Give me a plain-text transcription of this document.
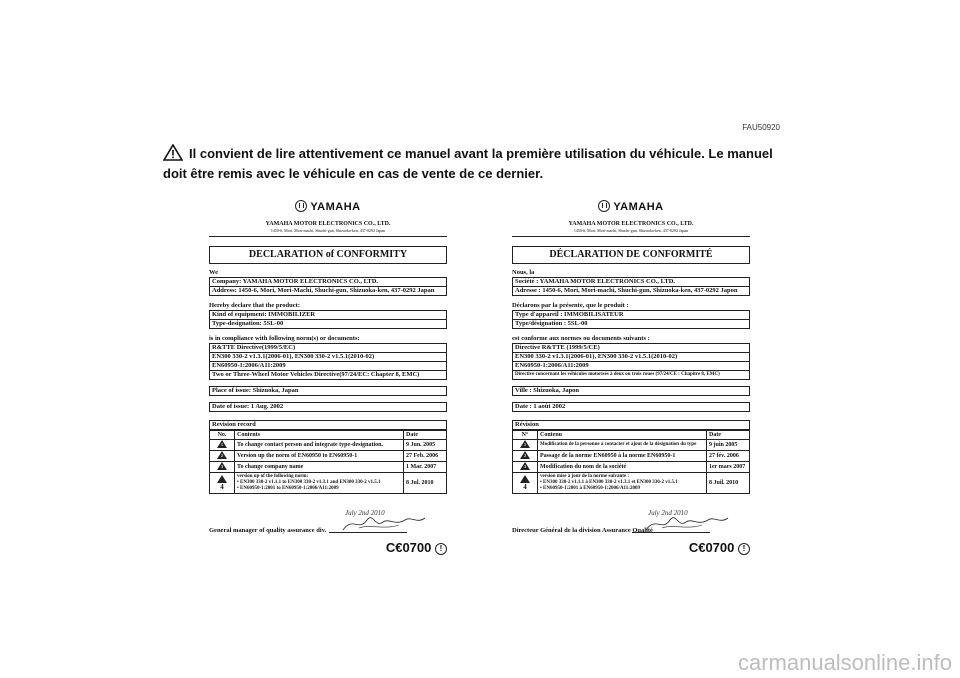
FAU50920
Il convient de lire attentivement ce manuel avant la première utilisation du véhicule. Le manuel doit être remis avec le véhicule en cas de vente de ce dernier.
YAMAHA
YAMAHA MOTOR ELECTRONICS CO., LTD.
1450-6, Mori, Mori-machi, Shuchi-gun, Shizuoka-ken, 437-0292 Japan
DECLARATION of CONFORMITY
We
Company: YAMAHA MOTOR ELECTRONICS CO., LTD.
Address: 1450-6, Mori, Mori-Machi, Shuchi-gun, Shizuoka-ken, 437-0292 Japan
Hereby declare that the product:
Kind of equipment: IMMOBILIZER
Type-designation: 5SL-00
is in compliance with following norm(s) or documents:
R&TTE Directive(1999/5/EC)
EN300 330-2 v1.3.1(2006-01), EN300 330-2 v1.5.1(2010-02)
EN60950-1:2006/A11:2009
Two or Three-Wheel Motor Vehicles Directive(97/24/EC: Chapter 8, EMC)
Place of issue: Shizuoka, Japan
Date of issue: 1 Aug. 2002
Revision record
No.	Contents	Date

1	To change contact person and integrate type-designation.	9 Jun. 2005

2	Version up the norm of EN60950 to EN60950-1	27 Feb. 2006

3	To change company name	1 Mar. 2007

4	version up of the following norm:
• EN300 330-2 v1.1.1 to EN300 330-2 v1.3.1 and EN300 330-2 v1.5.1
• EN60950-1:2001 to EN60950-1:2006/A11:2009	8 Jul. 2010
July 2nd 2010
General manager of quality assurance div.
C€0700 !
YAMAHA
YAMAHA MOTOR ELECTRONICS CO., LTD.
1450-6, Mori, Mori-machi, Shuchi-gun, Shizuoka-ken, 437-0292 Japan
DÉCLARATION DE CONFORMITÉ
Nous, la
Société : YAMAHA MOTOR ELECTRONICS CO., LTD.
Adresse : 1450-6, Mori, Mori-machi, Shuchi-gun, Shizuoka-ken, 437-0292 Japon
Déclarons par la présente, que le produit :
Type d'appareil : IMMOBILISATEUR
Type/désignation : 5SL-00
est conforme aux normes ou documents suivants :
Directive R&TTE (1999/5/CE)
EN300 330-2 v1.3.1(2006-01), EN300 330-2 v1.5.1(2010-02)
EN60950-1:2006/A11:2009
Directive concernant les véhicules motorisés à deux ou trois roues (97/24/CE : Chapitre 8, EMC)
Ville : Shizuoka, Japon
Date : 1 août 2002
Révision
N°	Contenu	Date

1	Modification de la personne à contacter et ajout de la désignation du type	9 juin 2005

2	Passage de la norme EN60950 à la norme EN60950-1	27 fév. 2006

3	Modification du nom de la société	1er mars 2007

4	version mise à jour de la norme suivante :
• EN300 330-2 v1.1.1 à EN300 330-2 v1.3.1 et EN300 330-2 v1.5.1
• EN60950-1:2001 à EN60950-1:2006/A11:2009	8 Juil. 2010
July 2nd 2010
Directeur Général de la division Assurance Qualité
C€0700 !
carmanualsonline.info
